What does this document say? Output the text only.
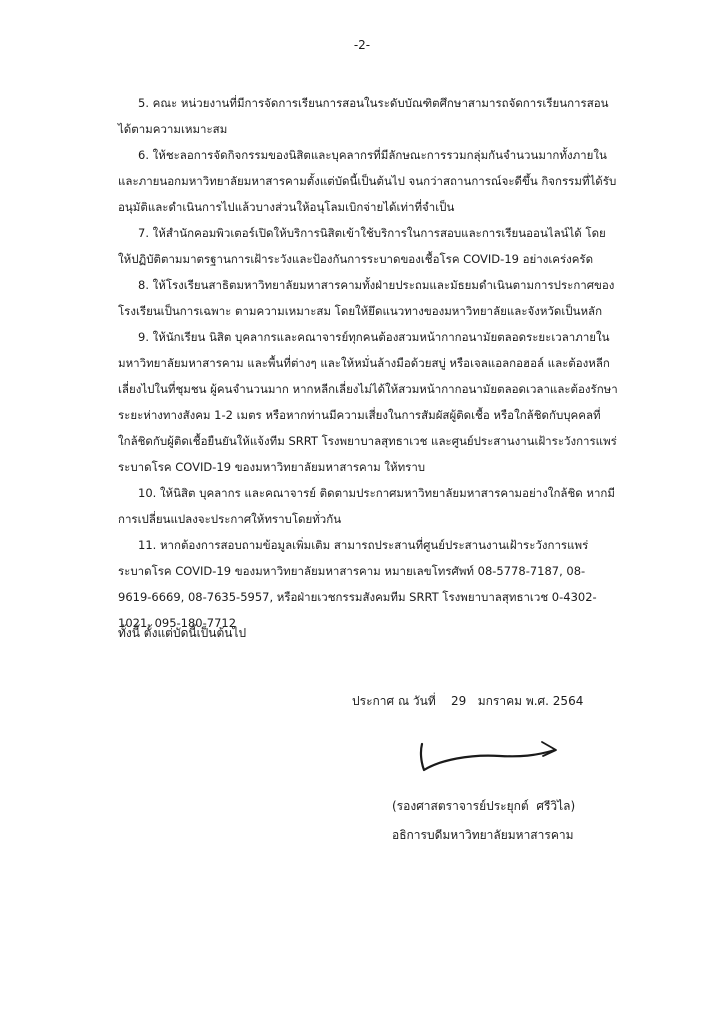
-2-

5. คณะ หน่วยงานที่มีการจัดการเรียนการสอนในระดับบัณฑิตศึกษาสามารถจัดการเรียนการสอนได้ตามความเหมาะสม

6. ให้ชะลอการจัดกิจกรรมของนิสิตและบุคลากรที่มีลักษณะการรวมกลุ่มกันจำนวนมากทั้งภายในและภายนอกมหาวิทยาลัยมหาสารคามตั้งแต่บัดนี้เป็นต้นไป จนกว่าสถานการณ์จะดีขึ้น กิจกรรมที่ได้รับอนุมัติและดำเนินการไปแล้วบางส่วนให้อนุโลมเบิกจ่ายได้เท่าที่จำเป็น

7. ให้สำนักคอมพิวเตอร์เปิดให้บริการนิสิตเข้าใช้บริการในการสอบและการเรียนออนไลน์ได้ โดยให้ปฏิบัติตามมาตรฐานการเฝ้าระวังและป้องกันการระบาดของเชื้อโรค COVID-19 อย่างเคร่งครัด

8. ให้โรงเรียนสาธิตมหาวิทยาลัยมหาสารคามทั้งฝ่ายประถมและมัธยมดำเนินตามการประกาศของโรงเรียนเป็นการเฉพาะ ตามความเหมาะสม โดยให้ยึดแนวทางของมหาวิทยาลัยและจังหวัดเป็นหลัก

9. ให้นักเรียน นิสิต บุคลากรและคณาจารย์ทุกคนต้องสวมหน้ากากอนามัยตลอดระยะเวลาภายในมหาวิทยาลัยมหาสารคาม และพื้นที่ต่างๆ และให้หมั่นล้างมือด้วยสบู่ หรือเจลแอลกอฮอล์ และต้องหลีกเลี่ยงไปในที่ชุมชน ผู้คนจำนวนมาก หากหลีกเลี่ยงไม่ได้ให้สวมหน้ากากอนามัยตลอดเวลาและต้องรักษาระยะห่างทางสังคม 1-2 เมตร หรือหากท่านมีความเสี่ยงในการสัมผัสผู้ติดเชื้อ หรือใกล้ชิดกับบุคคลที่ใกล้ชิดกับผู้ติดเชื้อยืนยันให้แจ้งทีม SRRT โรงพยาบาลสุทธาเวช และศูนย์ประสานงานเฝ้าระวังการแพร่ระบาดโรค COVID-19 ของมหาวิทยาลัยมหาสารคาม ให้ทราบ

10. ให้นิสิต บุคลากร และคณาจารย์ ติดตามประกาศมหาวิทยาลัยมหาสารคามอย่างใกล้ชิด หากมีการเปลี่ยนแปลงจะประกาศให้ทราบโดยทั่วกัน

11. หากต้องการสอบถามข้อมูลเพิ่มเติม สามารถประสานที่ศูนย์ประสานงานเฝ้าระวังการแพร่ระบาดโรค COVID-19 ของมหาวิทยาลัยมหาสารคาม หมายเลขโทรศัพท์ 08-5778-7187, 08-9619-6669, 08-7635-5957, หรือฝ่ายเวชกรรมสังคมทีม SRRT โรงพยาบาลสุทธาเวช 0-4302-1021, 095-180-7712

ทั้งนี้ ตั้งแต่บัดนี้เป็นต้นไป

ประกาศ ณ วันที่    29   มกราคม พ.ศ. 2564

(รองศาสตราจารย์ประยุกต์  ศรีวิไล)

อธิการบดีมหาวิทยาลัยมหาสารคาม
